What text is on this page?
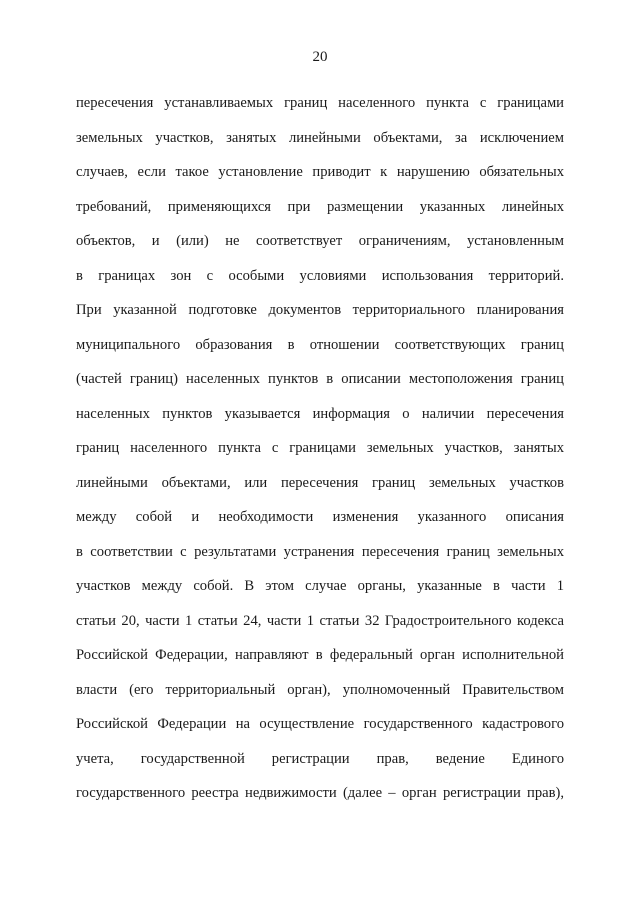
20
пересечения устанавливаемых границ населенного пункта с границами
земельных участков, занятых линейными объектами, за исключением
случаев, если такое установление приводит к нарушению обязательных
требований, применяющихся при размещении указанных линейных
объектов, и (или) не соответствует ограничениям, установленным
в границах зон с особыми условиями использования территорий.
При указанной подготовке документов территориального планирования
муниципального образования в отношении соответствующих границ
(частей границ) населенных пунктов в описании местоположения границ
населенных пунктов указывается информация о наличии пересечения
границ населенного пункта с границами земельных участков, занятых
линейными объектами, или пересечения границ земельных участков
между собой и необходимости изменения указанного описания
в соответствии с результатами устранения пересечения границ земельных
участков между собой. В этом случае органы, указанные в части 1
статьи 20, части 1 статьи 24, части 1 статьи 32 Градостроительного кодекса
Российской Федерации, направляют в федеральный орган исполнительной
власти (его территориальный орган), уполномоченный Правительством
Российской Федерации на осуществление государственного кадастрового
учета, государственной регистрации прав, ведение Единого
государственного реестра недвижимости (далее – орган регистрации прав),
